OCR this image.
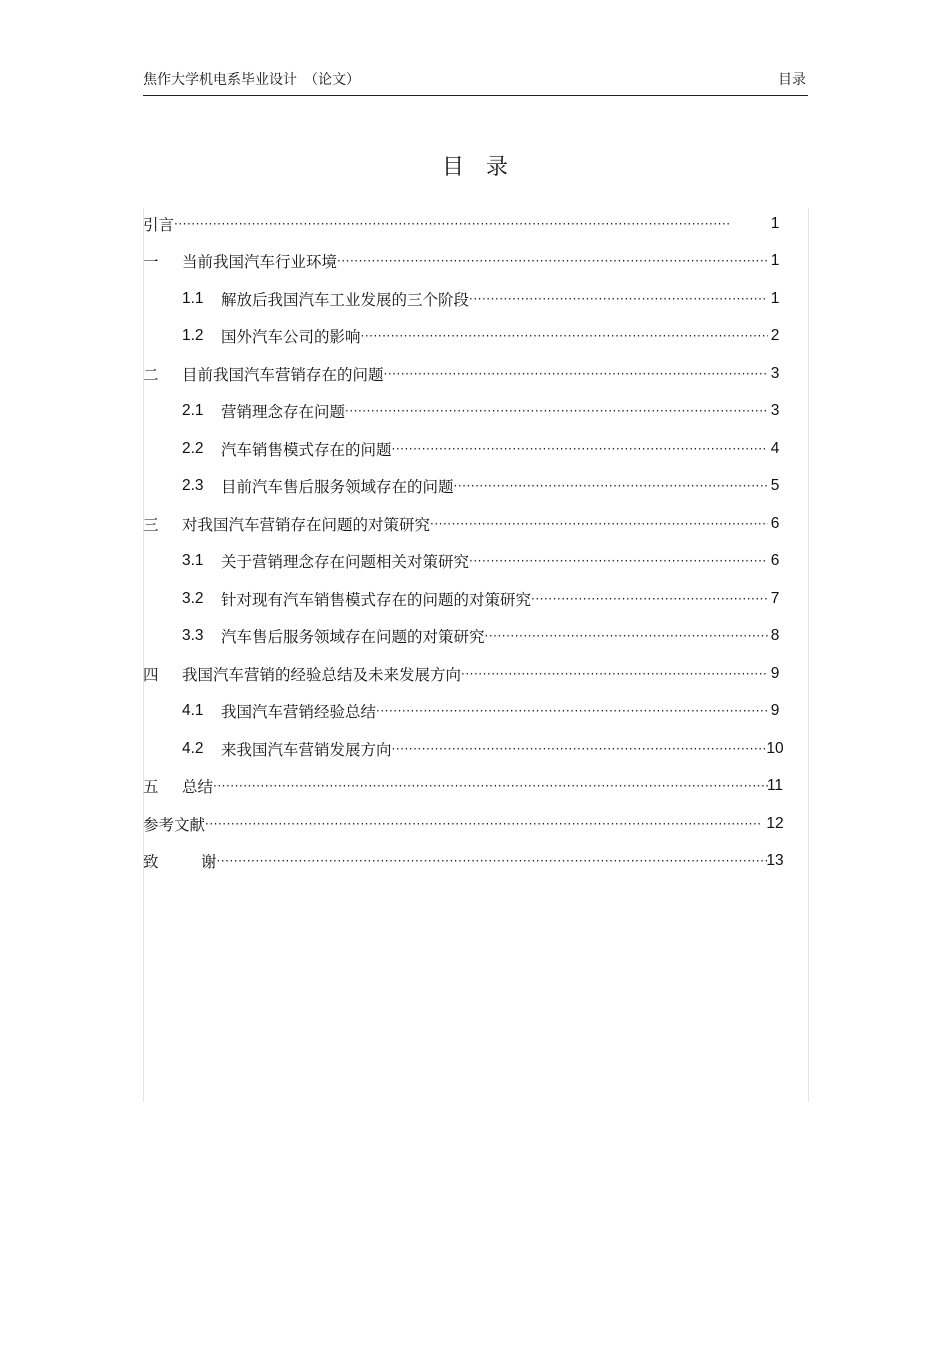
焦作大学机电系毕业设计　（论文）	目录
目录
引言 ·····	1
一	当前我国汽车行业环境 ·····	1
1.1	解放后我国汽车工业发展的三个阶段 ·····	1
1.2	国外汽车公司的影响 ·····	2
二	目前我国汽车营销存在的问题 ·····	3
2.1	营销理念存在问题 ·····	3
2.2	汽车销售模式存在的问题 ·····	4
2.3	目前汽车售后服务领域存在的问题 ·····	5
三	对我国汽车营销存在问题的对策研究 ·····	6
3.1	关于营销理念存在问题相关对策研究 ·····	6
3.2	针对现有汽车销售模式存在的问题的对策研究 ·····	7
3.3	汽车售后服务领域存在问题的对策研究 ·····	8
四	我国汽车营销的经验总结及未来发展方向 ·····	9
4.1	我国汽车营销经验总结 ·····	9
4.2	来我国汽车营销发展方向 ·····	10
五	总结 ·····	11
参考文献 ·····	12
致	谢 ·····	13
